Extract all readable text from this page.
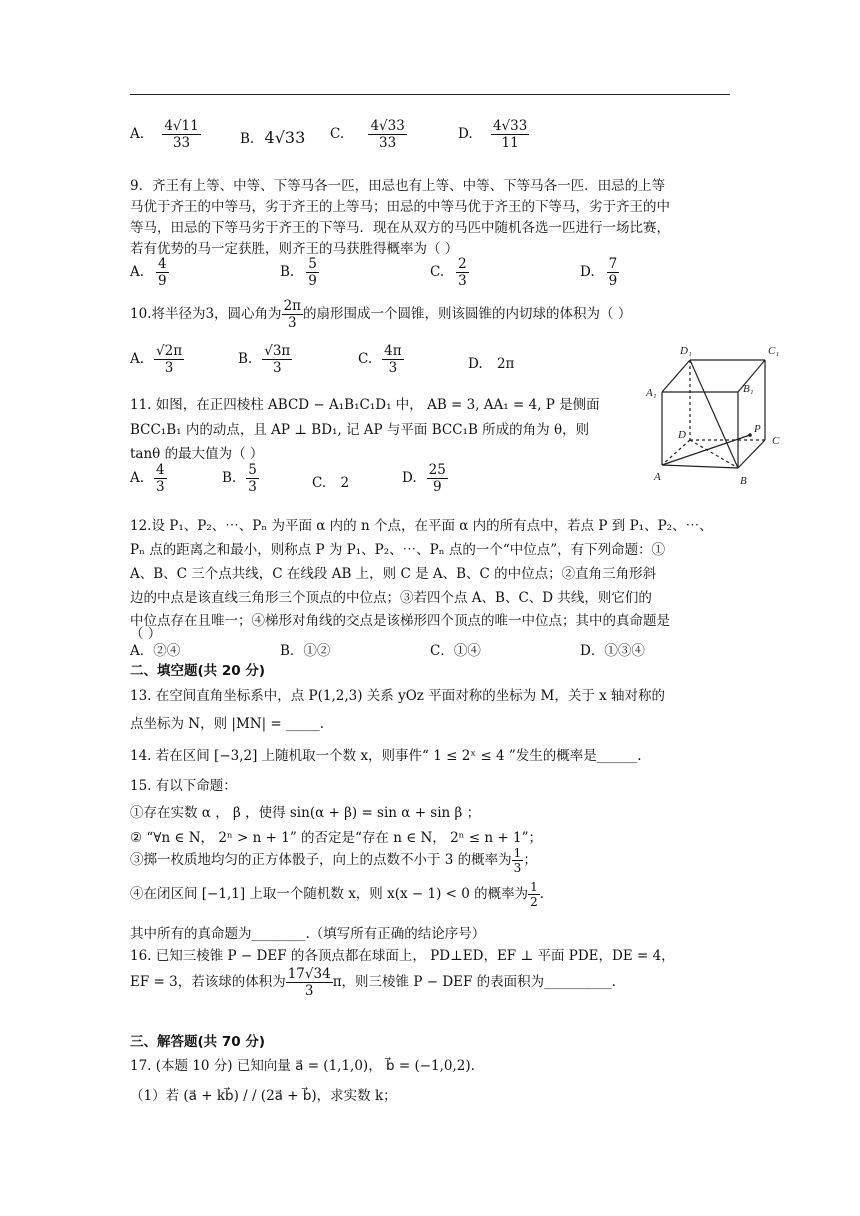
A. $\frac{4√11}{33}$	B. 4√33 C. $\frac{4√33}{33}$	D. $\frac{4√33}{11}$
9．齐王有上等、中等、下等马各一匹，田忌也有上等、中等、下等马各一匹．田忌的上等
马优于齐王的中等马，劣于齐王的上等马；田忌的中等马优于齐王的下等马，劣于齐王的中
等马，田忌的下等马劣于齐王的下等马．现在从双方的马匹中随机各选一匹进行一场比赛，
若有优势的马一定获胜，则齐王的马获胜得概率为（ ）
A. $\frac{4}{9}$	B. $\frac{5}{9}$	C. $\frac{2}{3}$	D. $\frac{7}{9}$
10.将半径为3，圆心角为 $\frac{2\pi}{3}$ 的扇形围成一个圆锥，则该圆锥的内切球的体积为（ ）
A. $\frac{√2\pi}{3}$	B. $\frac{√3\pi}{3}$	C. $\frac{4\pi}{3}$	D. 2π
11. 如图，在正四棱柱 ABCD − A₁B₁C₁D₁ 中， AB = 3, AA₁ = 4, P 是侧面
BCC₁B₁ 内的动点，且 AP ⊥ BD₁, 记 AP 与平面 BCC₁B 所成的角为 θ，则
tanθ 的最大值为（ ）
A. $\frac{4}{3}$	B. $\frac{5}{3}$	C. 2	D. $\frac{25}{9}$
D₁	C₁
A₁	B₁
D	C
P
A	B
12.设 P₁、P₂、⋯、Pₙ 为平面 α 内的 n 个点，在平面 α 内的所有点中，若点 P 到 P₁、P₂、⋯、
Pₙ 点的距离之和最小，则称点 P 为 P₁、P₂、⋯、Pₙ 点的一个“中位点”，有下列命题：①
A、B、C 三个点共线，C 在线段 AB 上，则 C 是 A、B、C 的中位点；②直角三角形斜
边的中点是该直线三角形三个顶点的中位点；③若四个点 A、B、C、D 共线，则它们的
中位点存在且唯一；④梯形对角线的交点是该梯形四个顶点的唯一中位点；其中的真命题是
（ ）
A．②④	B．①②	C．①④	D．①③④
二、填空题(共 20 分)
13. 在空间直角坐标系中，点 P(1,2,3) 关系 yOz 平面对称的坐标为 M，关于 x 轴对称的
点坐标为 N，则 |MN| = _____.
14. 若在区间 [−3,2] 上随机取一个数 x，则事件“ 1 ≤ 2ˣ ≤ 4 ”发生的概率是______.
15. 有以下命题：
①存在实数 α ， β ，使得 sin(α + β) = sin α + sin β ；
② “∀n ∈ N， 2ⁿ > n + 1” 的否定是“存在 n ∈ N， 2ⁿ ≤ n + 1”；
③掷一枚质地均匀的正方体骰子，向上的点数不小于 3 的概率为 $\frac{1}{3}$ ；
④在闭区间 [−1,1] 上取一个随机数 x，则 x(x − 1) < 0 的概率为 $\frac{1}{2}$ .
其中所有的真命题为________.（填写所有正确的结论序号）
16. 已知三棱锥 P − DEF 的各顶点都在球面上， PD⊥ED，EF ⊥ 平面 PDE，DE = 4，
EF = 3，若该球的体积为 $\frac{17√34}{3}$ π，则三棱锥 P − DEF 的表面积为__________.
三、解答题(共 70 分)
17. (本题 10 分) 已知向量 a⃗ = (1,1,0)， b⃗ = (−1,0,2).
（1）若 (a⃗ + kb⃗) / / (2a⃗ + b⃗)，求实数 k；
